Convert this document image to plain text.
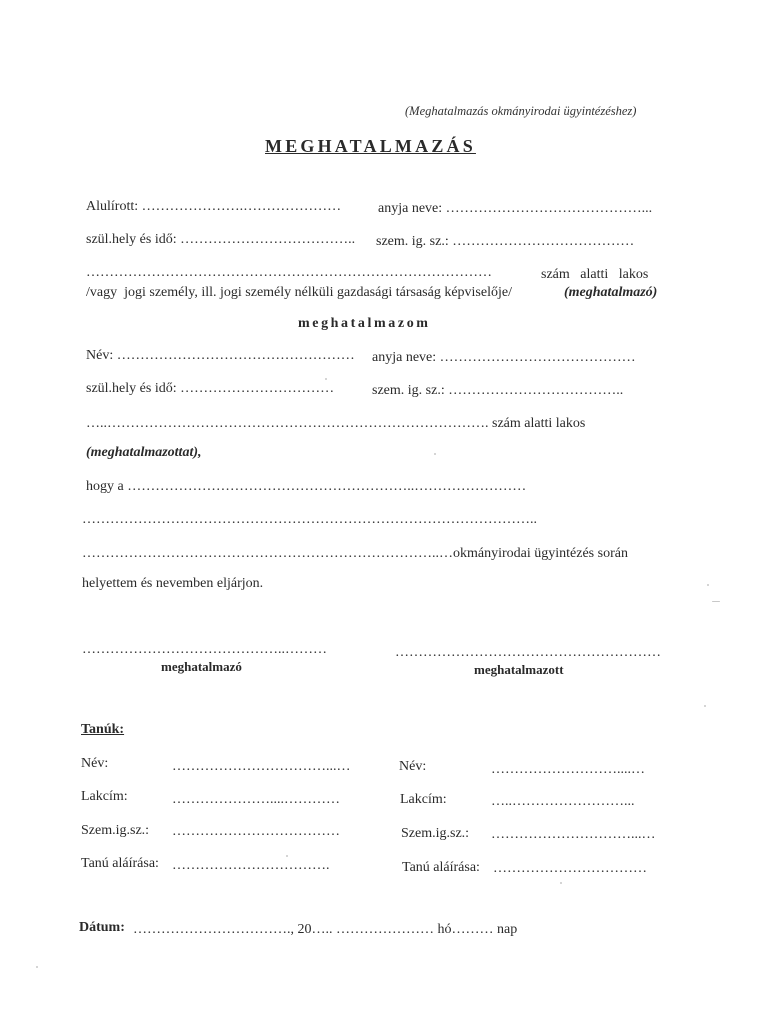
(Meghatalmazás okmányirodai ügyintézéshez)
MEGHATALMAZÁS
Alulírott: ………………….…………………	anyja neve: ……………………………………...
szül.hely és idő: ……………………………….. szem. ig. sz.: …………………………………
……………………………………………………………………………	szám   alatti   lakos
/vagy  jogi személy, ill. jogi személy nélküli gazdasági társaság képviselője/	(meghatalmazó)
meghatalmazom
Név: …………………………………………… anyja neve: ……………………………………
szül.hely és idő: ……………………………	szem. ig. sz.: ………………………………..
…..………………………………………………………………………. szám alatti lakos
(meghatalmazottat),
hogy a ……………………………………………………..……………………
……………………………………………………………………………………..
…………………………………………………………………..…okmányirodai ügyintézés során
helyettem és nevemben eljárjon.
……………………………………..………
meghatalmazó
…………………………………………………
meghatalmazott
Tanúk:
Név:	……………………………...…
Lakcím:	…………………....…………
Szem.ig.sz.: ………………………………
Tanú aláírása: …………………………….
Név:	………………………....…
Lakcím:	…..……………………...
Szem.ig.sz.: …………………………...…
Tanú aláírása: ……………………………
Dátum: ……………………………., 20….. ………………… hó……… nap
